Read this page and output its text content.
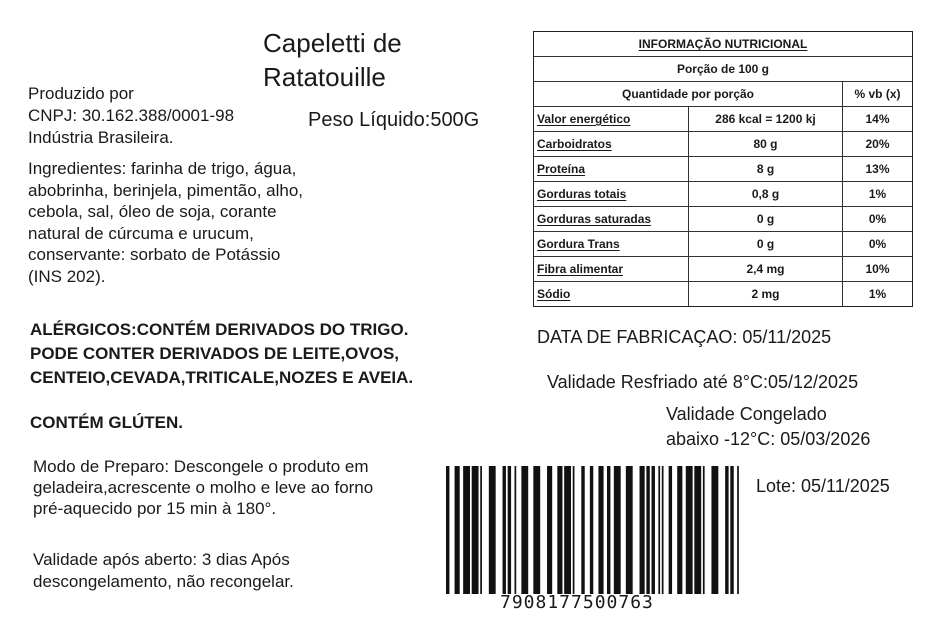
Capeletti de
Ratatouille
Peso Líquido:500G
Produzido por
CNPJ: 30.162.388/0001-98
Indústria Brasileira.
Ingredientes: farinha de trigo, água,
abobrinha, berinjela, pimentão, alho,
cebola, sal, óleo de soja, corante
natural de cúrcuma e urucum,
conservante: sorbato de Potássio
(INS 202).
ALÉRGICOS:CONTÉM DERIVADOS DO TRIGO.
PODE CONTER DERIVADOS DE LEITE,OVOS,
CENTEIO,CEVADA,TRITICALE,NOZES E AVEIA.
CONTÉM GLÚTEN.
Modo de Preparo: Descongele o produto em
geladeira,acrescente o molho e leve ao forno
pré-aquecido por 15 min à 180°.
Validade após aberto: 3 dias Após
descongelamento, não recongelar.
INFORMAÇÃO NUTRICIONAL
Porção de 100 g
Quantidade por porção	% vb (x)
Valor energético	286 kcal = 1200 kj	14%
Carboidratos	80 g	20%
Proteína	8 g	13%
Gorduras totais	0,8 g	1%
Gorduras saturadas	0 g	0%
Gordura Trans	0 g	0%
Fibra alimentar	2,4 mg	10%
Sódio	2 mg	1%
DATA DE FABRICAÇAO: 05/11/2025
Validade Resfriado até 8°C:05/12/2025
Validade Congelado
abaixo -12°C: 05/03/2026
Lote: 05/11/2025
7908177500763
